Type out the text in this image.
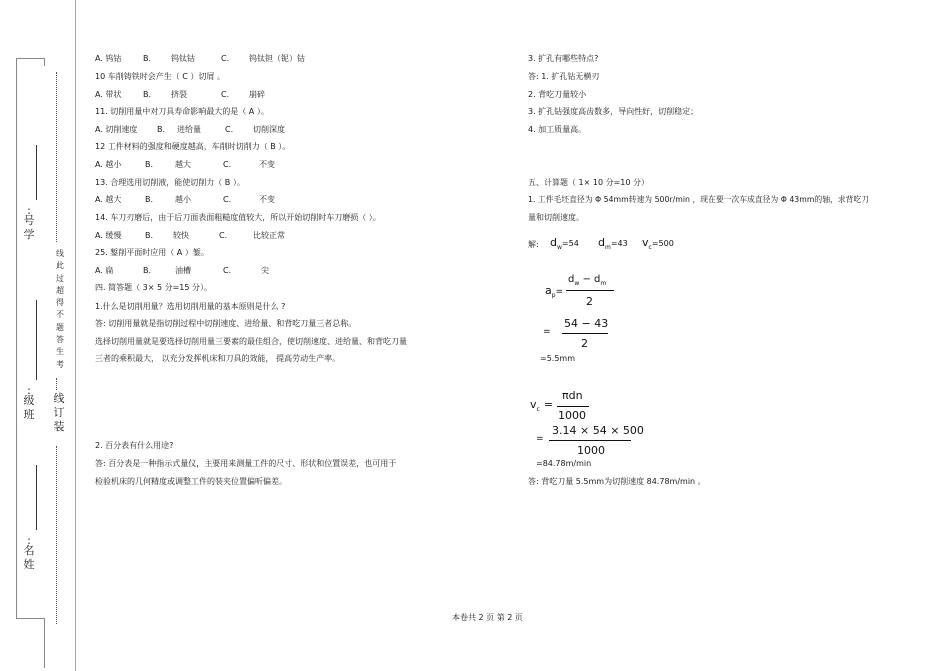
:
号学
:
级班
:
名姓
线此过超得不题答生考
线订装
A. 钨钴	B. 钨钛钴	C. 钨钛钽（铌）钴
10 车削铸铁时会产生（ C ）切屑 。
A. 带状	B. 挤裂	C. 崩碎
11. 切削用量中对刀具寿命影响最大的是（ A ）。
A. 切削速度 B. 进给量	C. 切削深度
12 工件材料的强度和硬度越高，车削时切削力（ B ）。
A. 越小	B.	越大	C.	不变
13. 合理选用切削液，能使切削力（ B ）。
A. 越大	B.	越小	C.	不变
14. 车刀刃磨后，由于后刀面表面粗糙度值较大，所以开始切削时车刀磨损（ ）。
A. 缓慢	B. 较快	C.	比较正常
25. 錾削平面时应用（ A ）錾。
A. 扁	B.	油槽	C.	尖
四. 简答题（ 3× 5 分=15 分）。
1.什么是切削用量？选用切削用量的基本原则是什么 ?
答: 切削用量就是指切削过程中切削速度、进给量、和背吃刀量三者总称。
选择切削用量就是要选择切削用量三要素的最佳组合，使切削速度、进给量、和背吃刀量
三者的乘积最大， 以充分发挥机床和刀具的效能， 提高劳动生产率。
2. 百分表有什么用途?
答: 百分表是一种指示式量仪，主要用来测量工件的尺寸、形状和位置误差，也可用于
检验机床的几何精度或调整工件的装夹位置偏听偏差。
3. 扩孔有哪些特点?
答: 1. 扩孔钻无横刃
2. 背吃刀量较小
3. 扩孔钻强度高齿数多，导向性好，切削稳定；
4. 加工质量高。
五、计算题（ 1× 10 分=10 分）
1. 工件毛坯直径为 Φ 54mm转速为 500r/min ，现在要一次车成直径为 Φ 43mm的轴，求背吃刀
量和切削速度。
解: $d_w=54$ $d_m=43$ $v_c=500$
$a_p=$
$d_w - d_m$
2
=
54 − 43
2
=5.5mm
$v_c$ =
πdn
1000
=
3.14 × 54 × 500
1000
=84.78m/min
答: 背吃刀量 5.5mm为切削速度 84.78m/min 。
本卷共 2 页 第 2 页
